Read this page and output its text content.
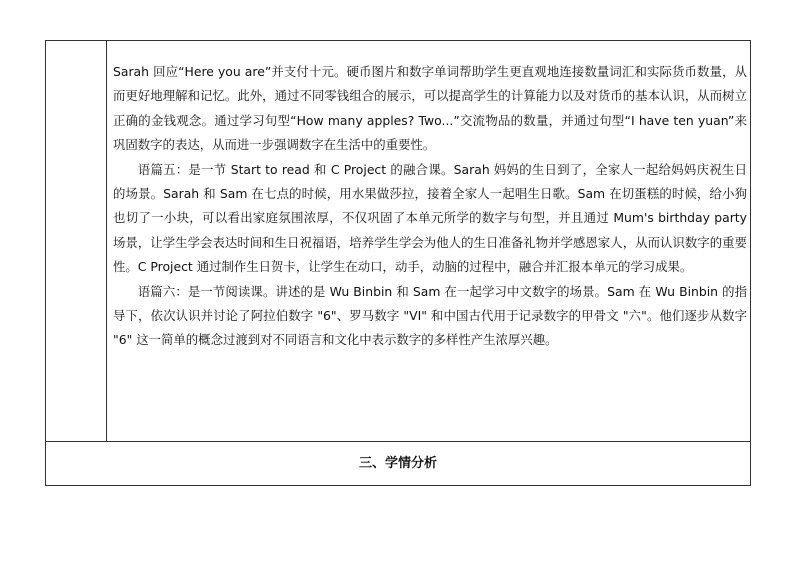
Sarah 回应“Here you are”并支付十元。硬币图片和数字单词帮助学生更直观地连接数量词汇和实际货币数量，从而更好地理解和记忆。此外，通过不同零钱组合的展示，可以提高学生的计算能力以及对货币的基本认识，从而树立正确的金钱观念。通过学习句型“How many apples? Two...”交流物品的数量，并通过句型“I have ten yuan”来巩固数字的表达，从而进一步强调数字在生活中的重要性。

语篇五：是一节 Start to read 和 C Project 的融合课。Sarah 妈妈的生日到了，全家人一起给妈妈庆祝生日的场景。Sarah 和 Sam 在七点的时候，用水果做莎拉，接着全家人一起唱生日歌。Sam 在切蛋糕的时候，给小狗也切了一小块，可以看出家庭氛围浓厚，不仅巩固了本单元所学的数字与句型，并且通过 Mum's birthday party 场景，让学生学会表达时间和生日祝福语，培养学生学会为他人的生日准备礼物并学感恩家人，从而认识数字的重要性。C Project 通过制作生日贺卡，让学生在动口，动手，动脑的过程中，融合并汇报本单元的学习成果。

语篇六：是一节阅读课。讲述的是 Wu Binbin 和 Sam 在一起学习中文数字的场景。Sam 在 Wu Binbin 的指导下，依次认识并讨论了阿拉伯数字 "6"、罗马数字 "VI" 和中国古代用于记录数字的甲骨文 "六"。他们逐步从数字 "6" 这一简单的概念过渡到对不同语言和文化中表示数字的多样性产生浓厚兴趣。

三、学情分析
